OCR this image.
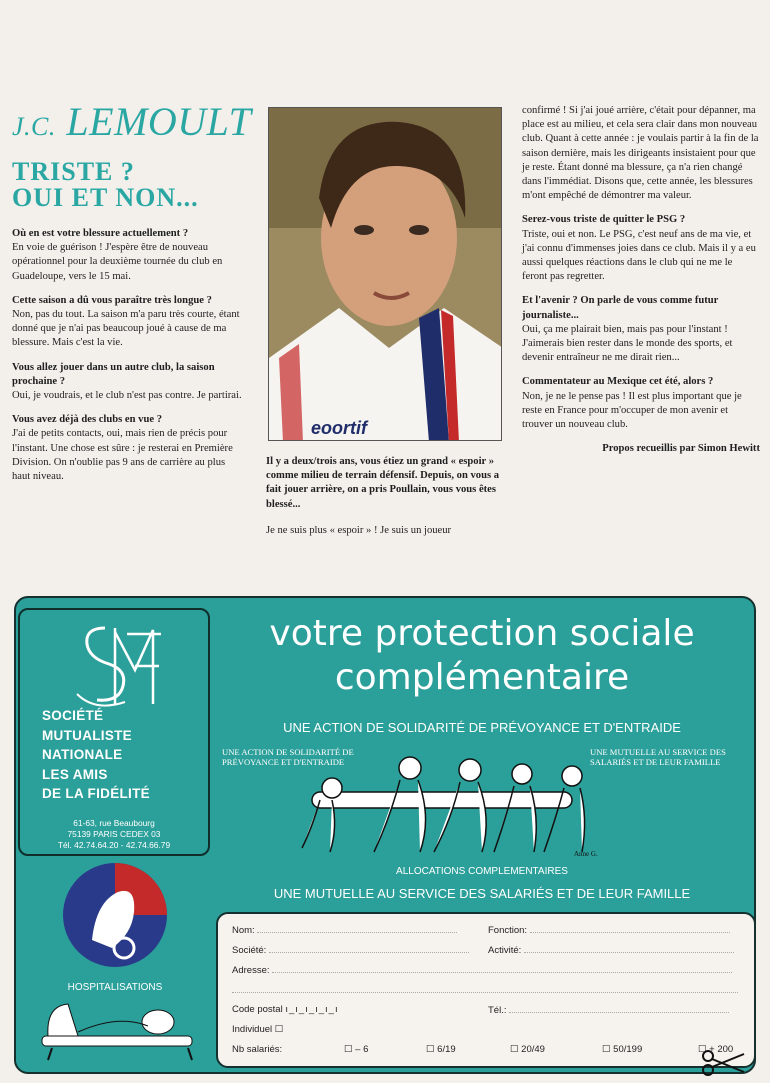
J.C. LEMOULT
TRISTE ?
OUI ET NON...

Où en est votre blessure actuellement ?
En voie de guérison ! J'espère être de nouveau opérationnel pour la deuxième tournée du club en Guadeloupe, vers le 15 mai.

Cette saison a dû vous paraître très longue ?
Non, pas du tout. La saison m'a paru très courte, étant donné que je n'ai pas beaucoup joué à cause de ma blessure. Mais c'est la vie.

Vous allez jouer dans un autre club, la saison prochaine ?
Oui, je voudrais, et le club n'est pas contre. Je partirai.

Vous avez déjà des clubs en vue ?
J'ai de petits contacts, oui, mais rien de précis pour l'instant. Une chose est sûre : je resterai en Première Division. On n'oublie pas 9 ans de carrière au plus haut niveau.

eoortif

Il y a deux/trois ans, vous étiez un grand « espoir » comme milieu de terrain défensif. Depuis, on vous a fait jouer arrière, on a pris Poullain, vous vous êtes blessé...

Je ne suis plus « espoir » ! Je suis un joueur

confirmé ! Si j'ai joué arrière, c'était pour dépanner, ma place est au milieu, et cela sera clair dans mon nouveau club. Quant à cette année : je voulais partir à la fin de la saison dernière, mais les dirigeants insistaient pour que je reste. Étant donné ma blessure, ça n'a rien changé dans l'immédiat. Disons que, cette année, les blessures m'ont empêché de démontrer ma valeur.

Serez-vous triste de quitter le PSG ?
Triste, oui et non. Le PSG, c'est neuf ans de ma vie, et j'ai connu d'immenses joies dans ce club. Mais il y a eu aussi quelques réactions dans le club qui ne me le feront pas regretter.

Et l'avenir ? On parle de vous comme futur journaliste...
Oui, ça me plairait bien, mais pas pour l'instant ! J'aimerais bien rester dans le monde des sports, et devenir entraîneur ne me dirait rien...

Commentateur au Mexique cet été, alors ?
Non, je ne le pense pas ! Il est plus important que je reste en France pour m'occuper de mon avenir et trouver un nouveau club.

Propos recueillis par Simon Hewitt
SOCIÉTÉ
MUTUALISTE
NATIONALE
LES AMIS
DE LA FIDÉLITÉ
61-63, rue Beaubourg
75139 PARIS CEDEX 03
Tél. 42.74.64.20 - 42.74.66.79
votre protection sociale
complémentaire
UNE ACTION DE SOLIDARITÉ DE PRÉVOYANCE ET D'ENTRAIDE
UNE ACTION DE SOLIDARITÉ DE PRÉVOYANCE ET D'ENTRAIDE
UNE MUTUELLE AU SERVICE DES SALARIÉS ET DE LEUR FAMILLE
Anne G.
ALLOCATIONS COMPLEMENTAIRES
UNE MUTUELLE AU SERVICE DES SALARIÉS ET DE LEUR FAMILLE
HOSPITALISATIONS
Nom:	Fonction:
Société:	Activité:
Adresse:
Code postal ı_ı_ı_ı_ı_ı	Tél.:
Individuel ☐
Nb salariés:	☐ – 6	☐ 6/19	☐ 20/49	☐ 50/199	☐ + 200
